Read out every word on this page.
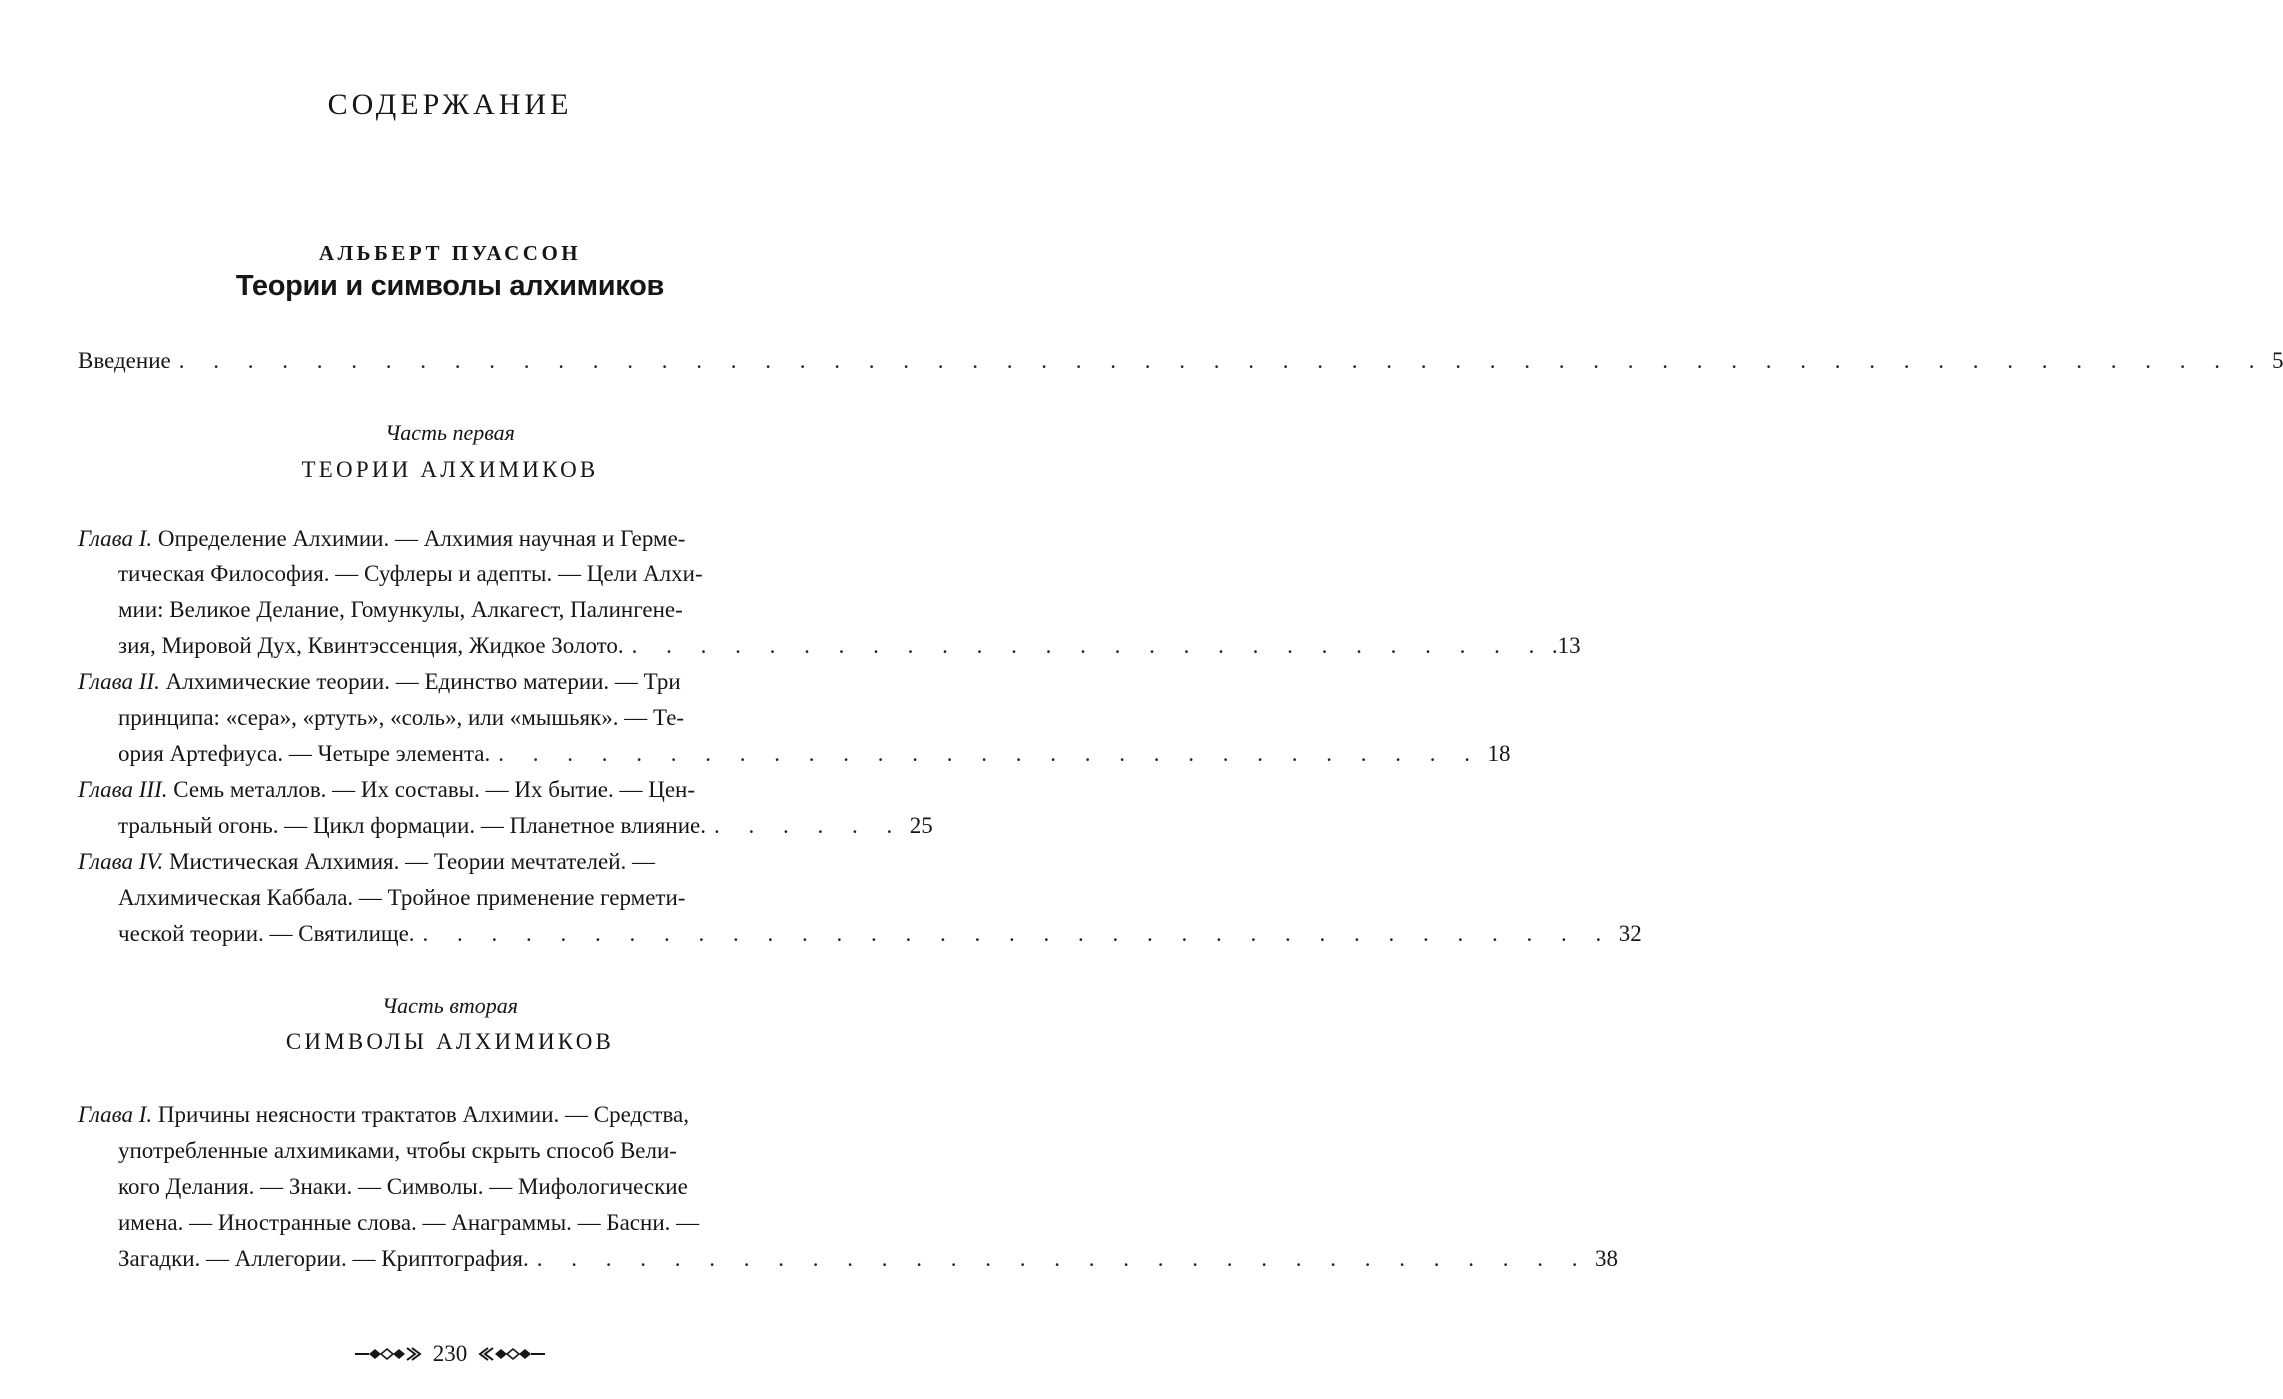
СОДЕРЖАНИЕ
АЛЬБЕРТ ПУАССОН
Теории и символы алхимиков
Введение . . . . . . . . . . . . . . . . . . . . . . . . . . . . . . . . . . . . . . . . . . . . . . . . . . . . . . . . . . . . . 5
Часть первая
ТЕОРИИ АЛХИМИКОВ
Глава I. Определение Алхимии. — Алхимия научная и Герме-
тическая Философия. — Суфлеры и адепты. — Цели Алхи-
мии: Великое Делание, Гомункулы, Алкагест, Палингене-
зия, Мировой Дух, Квинтэссенция, Жидкое Золото. . . . . . . . . . . . . . . . . . . . . . . . . . . . .13
Глава II. Алхимические теории. — Единство материи. — Три
принципа: «сера», «ртуть», «соль», или «мышьяк». — Те-
ория Артефиуса. — Четыре элемента. . . . . . . . . . . . . . . . . . . . . . . . . . . . . . 18
Глава III. Семь металлов. — Их составы. — Их бытие. — Цен-
тральный огонь. — Цикл формации. — Планетное влияние. . . . . . . 25
Глава IV. Мистическая Алхимия. — Теории мечтателей. —
Алхимическая Каббала. — Тройное применение гермети-
ческой теории. — Святилище. . . . . . . . . . . . . . . . . . . . . . . . . . . . . . . . . . . . 32
Часть вторая
СИМВОЛЫ АЛХИМИКОВ
Глава I. Причины неясности трактатов Алхимии. — Средства,
употребленные алхимиками, чтобы скрыть способ Вели-
кого Делания. — Знаки. — Символы. — Мифологические
имена. — Иностранные слова. — Анаграммы. — Басни. —
Загадки. — Аллегории. — Криптография. . . . . . . . . . . . . . . . . . . . . . . . . . . . . . . . 38
230
